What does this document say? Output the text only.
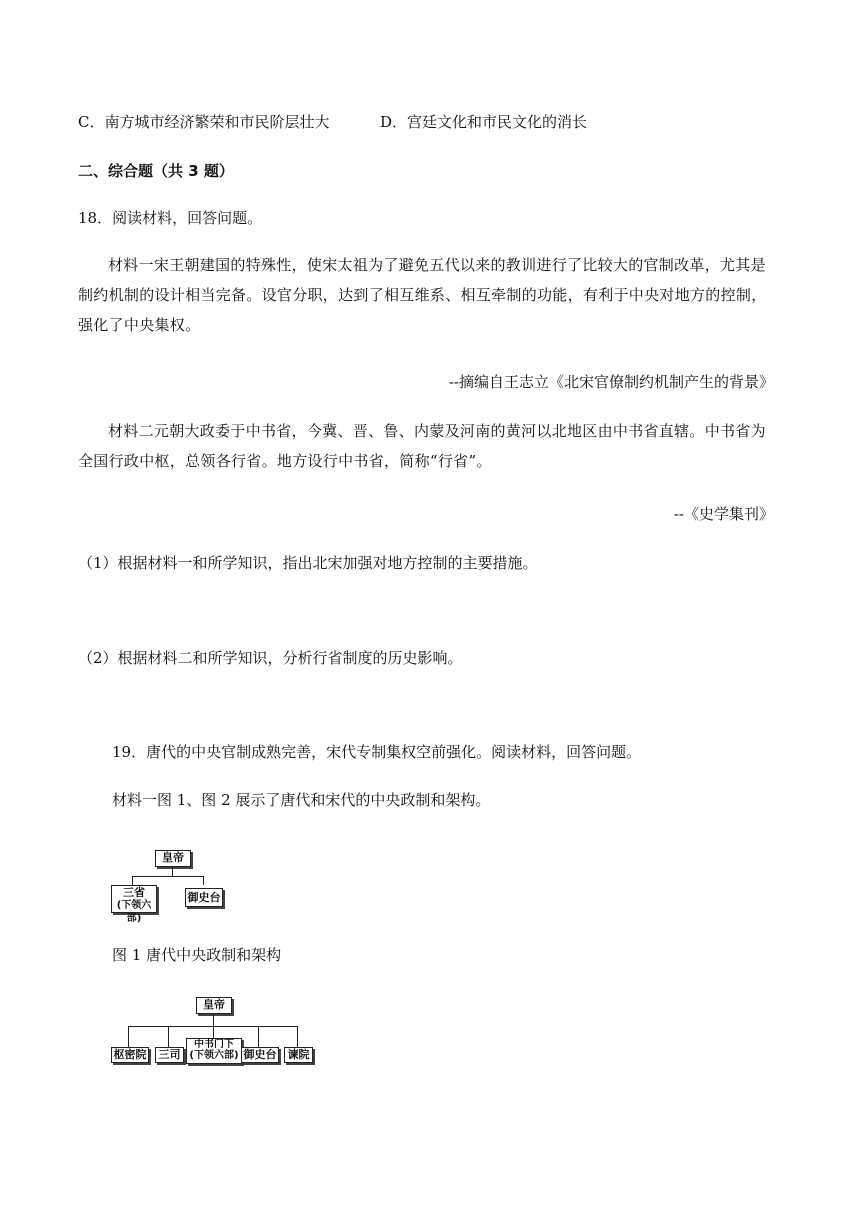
C．南方城市经济繁荣和市民阶层壮大	D．宫廷文化和市民文化的消长
二、综合题（共 3 题）
18．阅读材料，回答问题。
材料一宋王朝建国的特殊性，使宋太祖为了避免五代以来的教训进行了比较大的官制改革，尤其是制约机制的设计相当完备。设官分职，达到了相互维系、相互牵制的功能，有利于中央对地方的控制，强化了中央集权。
--摘编自王志立《北宋官僚制约机制产生的背景》
材料二元朝大政委于中书省，今冀、晋、鲁、内蒙及河南的黄河以北地区由中书省直辖。中书省为全国行政中枢，总领各行省。地方设行中书省，简称“行省”。
--《史学集刊》
（1）根据材料一和所学知识，指出北宋加强对地方控制的主要措施。
（2）根据材料二和所学知识，分析行省制度的历史影响。
19．唐代的中央官制成熟完善，宋代专制集权空前强化。阅读材料，回答问题。
材料一图 1、图 2 展示了唐代和宋代的中央政制和架构。
皇帝
三省
(下领六部)
御史台
图 1 唐代中央政制和架构
皇帝
枢密院	三司
中书门下
(下领六部) 御史台	谏院
